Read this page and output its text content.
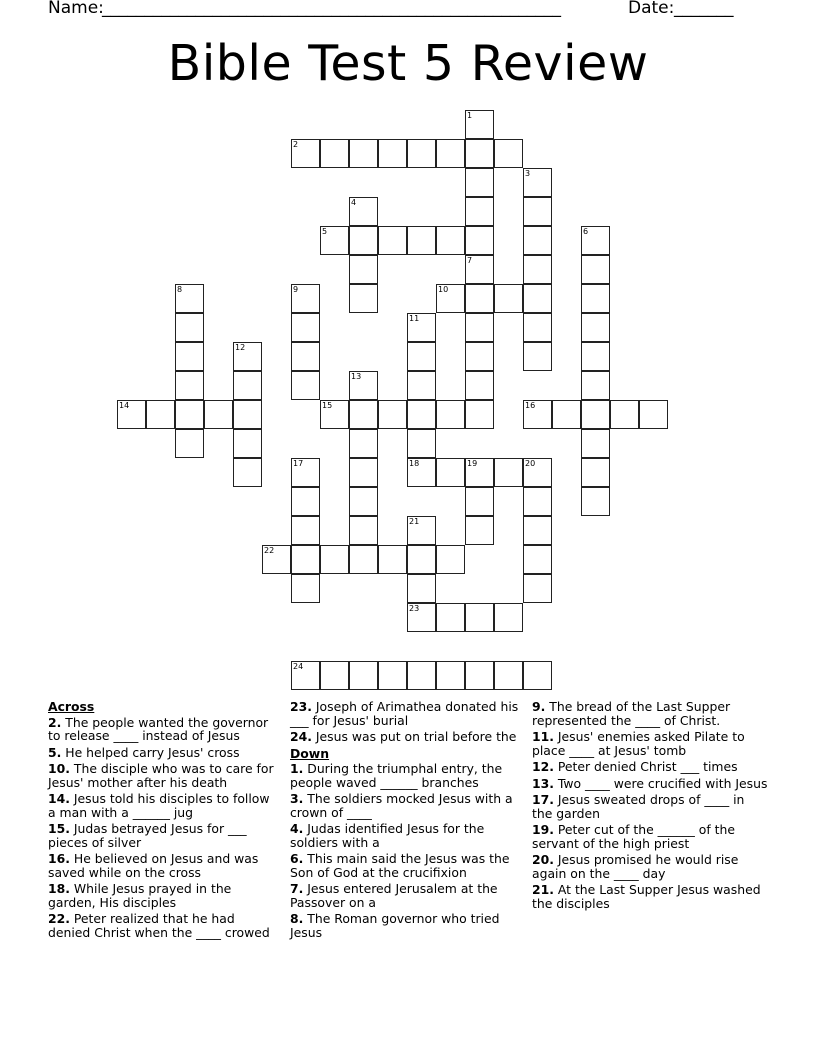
Name:
______________________________________________________	Date: _______
Bible Test 5 Review
1
2
3
4
5	6
7
8	9	10
11
18
12
13
14	15	16
17	19	20
21
23
22
24
Across
2. The people wanted the governor to release ____ instead of Jesus
5. He helped carry Jesus' cross
10. The disciple who was to care for Jesus' mother after his death
14. Jesus told his disciples to follow a man with a ______ jug
15. Judas betrayed Jesus for ___ pieces of silver
16. He believed on Jesus and was saved while on the cross
18. While Jesus prayed in the garden, His disciples
22. Peter realized that he had denied Christ when the ____ crowed
23. Joseph of Arimathea donated his ___ for Jesus' burial
24. Jesus was put on trial before the
Down
1. During the triumphal entry, the people waved ______ branches
3. The soldiers mocked Jesus with a crown of ____
4. Judas identified Jesus for the soldiers with a
6. This main said the Jesus was the Son of God at the crucifixion
7. Jesus entered Jerusalem at the Passover on a
8. The Roman governor who tried Jesus
9. The bread of the Last Supper represented the ____ of Christ.
11. Jesus' enemies asked Pilate to place ____ at Jesus' tomb
12. Peter denied Christ ___ times
13. Two ____ were crucified with Jesus
17. Jesus sweated drops of ____ in the garden
19. Peter cut of the ______ of the servant of the high priest
20. Jesus promised he would rise again on the ____ day
21. At the Last Supper Jesus washed the disciples
